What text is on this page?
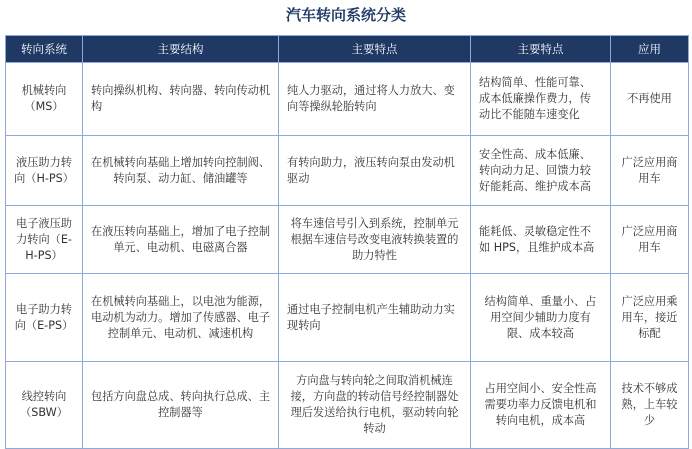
汽车转向系统分类
转向系统	主要结构	主要特点	主要特点	应用
机械转向（MS）	转向操纵机构、转向器、转向传动机构	纯人力驱动，通过将人力放大、变向等操纵轮胎转向	结构简单、性能可靠、成本低廉操作费力，传动比不能随车速变化	不再使用
液压助力转向（H-PS）	在机械转向基础上增加转向控制阀、转向泵、动力缸、储油罐等	有转向助力，液压转向泵由发动机驱动	安全性高、成本低廉、转向动力足、回馈力较好能耗高、维护成本高	广泛应用商用车
电子液压助力转向（E-H-PS）	在液压转向基础上，增加了电子控制单元、电动机、电磁离合器	将车速信号引入到系统，控制单元根据车速信号改变电液转换装置的助力特性	能耗低、灵敏稳定性不如 HPS，且维护成本高	广泛应用商用车
电子助力转向（E-PS）	在机械转向基础上，以电池为能源，电动机为动力。增加了传感器、电子控制单元、电动机、减速机构	通过电子控制电机产生辅助动力实现转向	结构简单、重量小、占用空间少辅助力度有限、成本较高	广泛应用乘用车，接近标配
线控转向（SBW）	包括方向盘总成、转向执行总成、主控制器等	方向盘与转向轮之间取消机械连接，方向盘的转动信号经控制器处理后发送给执行电机，驱动转向轮转动	占用空间小、安全性高需要功率力反馈电机和转向电机，成本高	技术不够成熟，上车较少
